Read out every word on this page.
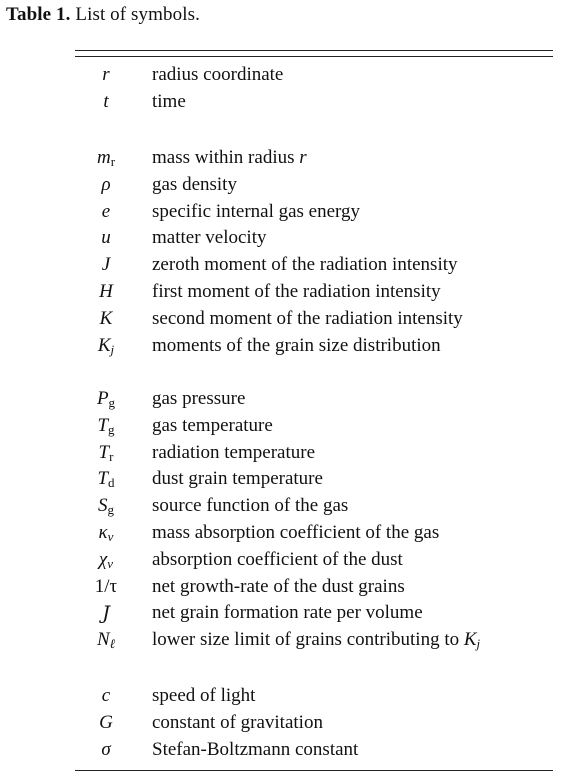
Table 1. List of symbols.
r	radius coordinate
t	time
$m_r$	mass within radius r
ρ	gas density
e	specific internal gas energy
u	matter velocity
J	zeroth moment of the radiation intensity
H	first moment of the radiation intensity
K	second moment of the radiation intensity
$K_j$	moments of the grain size distribution
$P_g$	gas pressure
$T_g$	gas temperature
$T_r$	radiation temperature
$T_d$	dust grain temperature
$S_g$	source function of the gas
$\kappa_\nu$	mass absorption coefficient of the gas
$\chi_\nu$	absorption coefficient of the dust
1/τ	net growth-rate of the dust grains
J	net grain formation rate per volume
$N_\ell$	lower size limit of grains contributing to $K_j$
c	speed of light
G	constant of gravitation
σ	Stefan-Boltzmann constant
